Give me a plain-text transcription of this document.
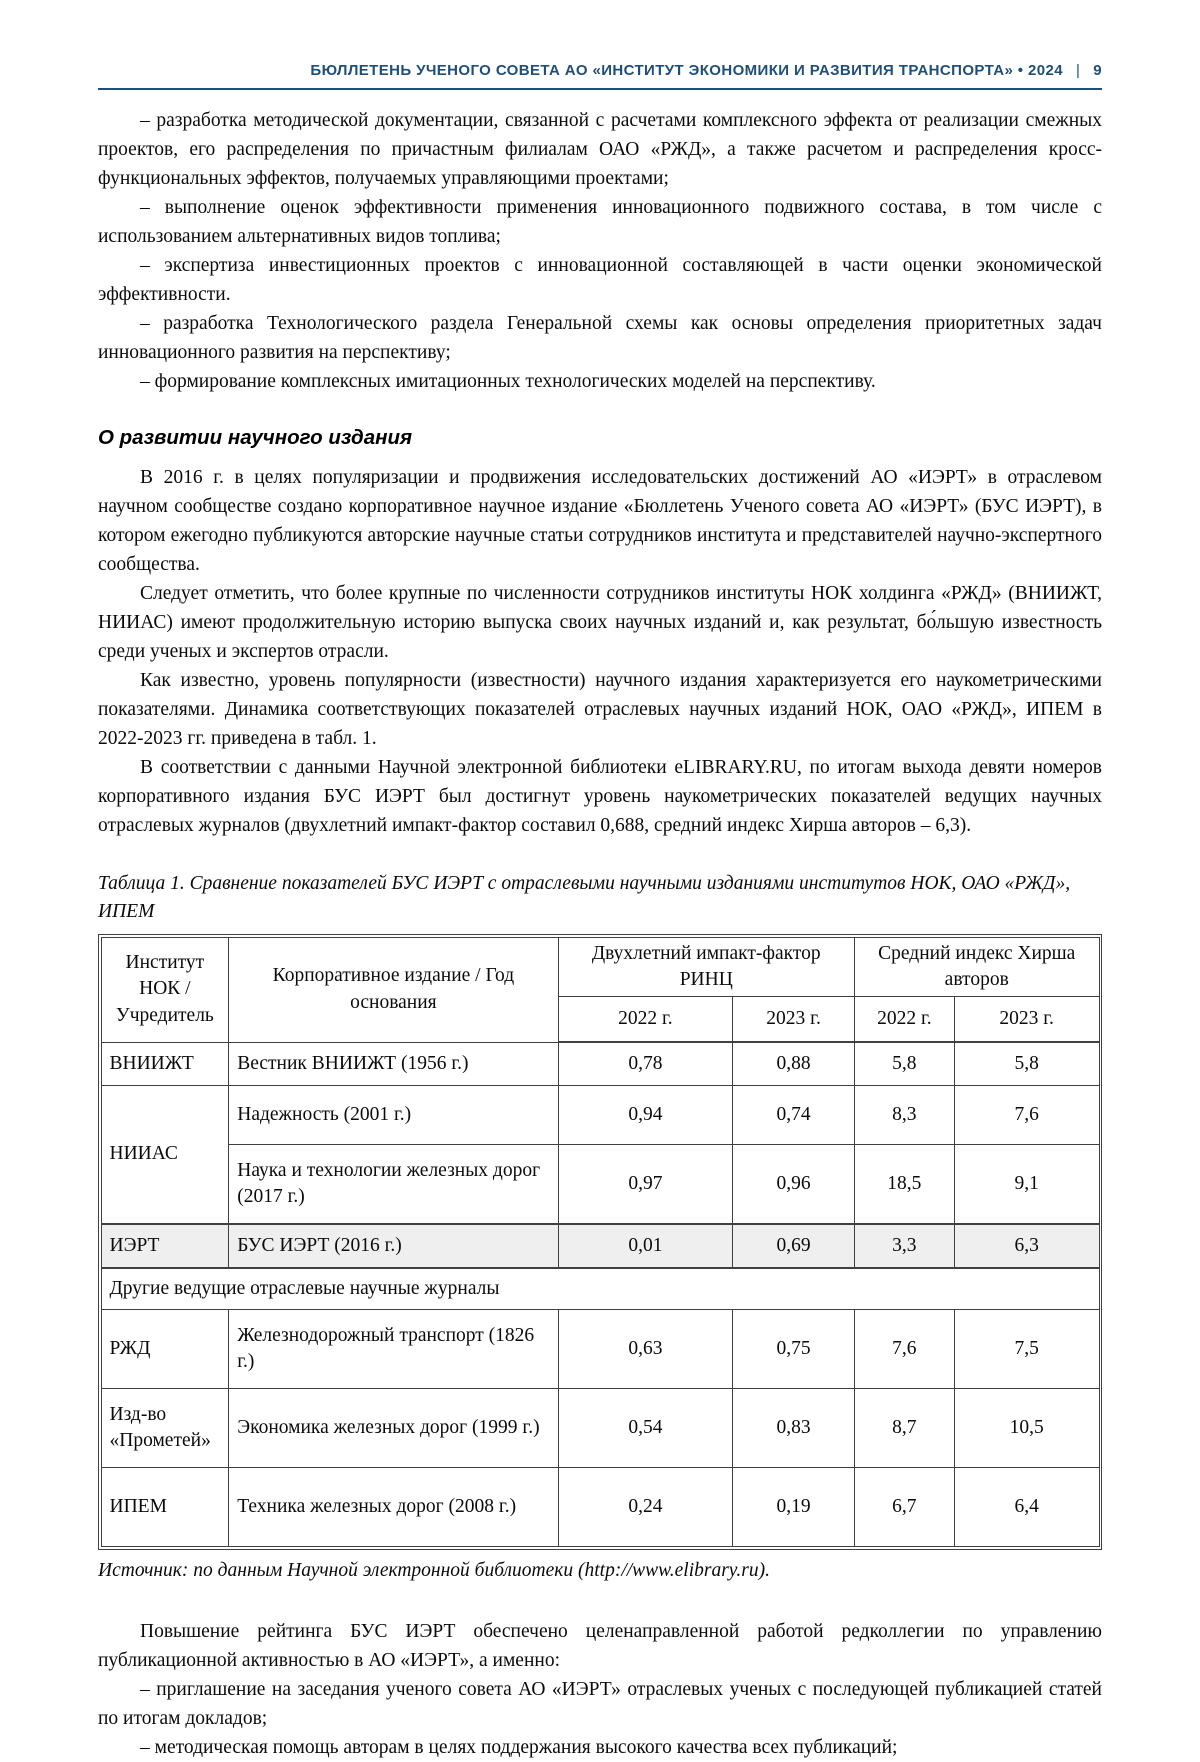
БЮЛЛЕТЕНЬ УЧЕНОГО СОВЕТА АО «ИНСТИТУТ ЭКОНОМИКИ И РАЗВИТИЯ ТРАНСПОРТА» • 2024 | 9

– разработка методической документации, связанной с расчетами комплексного эффекта от реализации смежных проектов, его распределения по причастным филиалам ОАО «РЖД», а также расчетом и распределения кросс-функциональных эффектов, получаемых управляющими проектами;

– выполнение оценок эффективности применения инновационного подвижного состава, в том числе с использованием альтернативных видов топлива;

– экспертиза инвестиционных проектов с инновационной составляющей в части оценки экономической эффективности.

– разработка Технологического раздела Генеральной схемы как основы определения приоритетных задач инновационного развития на перспективу;

– формирование комплексных имитационных технологических моделей на перспективу.

О развитии научного издания

В 2016 г. в целях популяризации и продвижения исследовательских достижений АО «ИЭРТ» в отраслевом научном сообществе создано корпоративное научное издание «Бюллетень Ученого совета АО «ИЭРТ» (БУС ИЭРТ), в котором ежегодно публикуются авторские научные статьи сотрудников института и представителей научно-экспертного сообщества.

Следует отметить, что более крупные по численности сотрудников институты НОК холдинга «РЖД» (ВНИИЖТ, НИИАС) имеют продолжительную историю выпуска своих научных изданий и, как результат, бо́льшую известность среди ученых и экспертов отрасли.

Как известно, уровень популярности (известности) научного издания характеризуется его наукометрическими показателями. Динамика соответствующих показателей отраслевых научных изданий НОК, ОАО «РЖД», ИПЕМ в 2022-2023 гг. приведена в табл. 1.

В соответствии с данными Научной электронной библиотеки eLIBRARY.RU, по итогам выхода девяти номеров корпоративного издания БУС ИЭРТ был достигнут уровень наукометрических показателей ведущих научных отраслевых журналов (двухлетний импакт-фактор составил 0,688, средний индекс Хирша авторов – 6,3).

Таблица 1. Сравнение показателей БУС ИЭРТ с отраслевыми научными изданиями институтов НОК, ОАО «РЖД», ИПЕМ

Институт НОК / Учредитель	Корпоративное издание / Год основания	Двухлетний импакт-фактор РИНЦ		Средний индекс Хирша авторов	
		2022 г.	2023 г.	2022 г.	2023 г.
ВНИИЖТ	Вестник ВНИИЖТ (1956 г.)	0,78	0,88	5,8	5,8
НИИАС	Надежность (2001 г.)	0,94	0,74	8,3	7,6
	Наука и технологии железных дорог (2017 г.)	0,97	0,96	18,5	9,1
ИЭРТ	БУС ИЭРТ (2016 г.)	0,01	0,69	3,3	6,3
Другие ведущие отраслевые научные журналы					
РЖД	Железнодорожный транспорт (1826 г.)	0,63	0,75	7,6	7,5
Изд-во «Прометей»	Экономика железных дорог (1999 г.)	0,54	0,83	8,7	10,5
ИПЕМ	Техника железных дорог (2008 г.)	0,24	0,19	6,7	6,4

Источник: по данным Научной электронной библиотеки (http://www.elibrary.ru).

Повышение рейтинга БУС ИЭРТ обеспечено целенаправленной работой редколлегии по управлению публикационной активностью в АО «ИЭРТ», а именно:

– приглашение на заседания ученого совета АО «ИЭРТ» отраслевых ученых с последующей публикацией статей по итогам докладов;

– методическая помощь авторам в целях поддержания высокого качества всех публикаций;
